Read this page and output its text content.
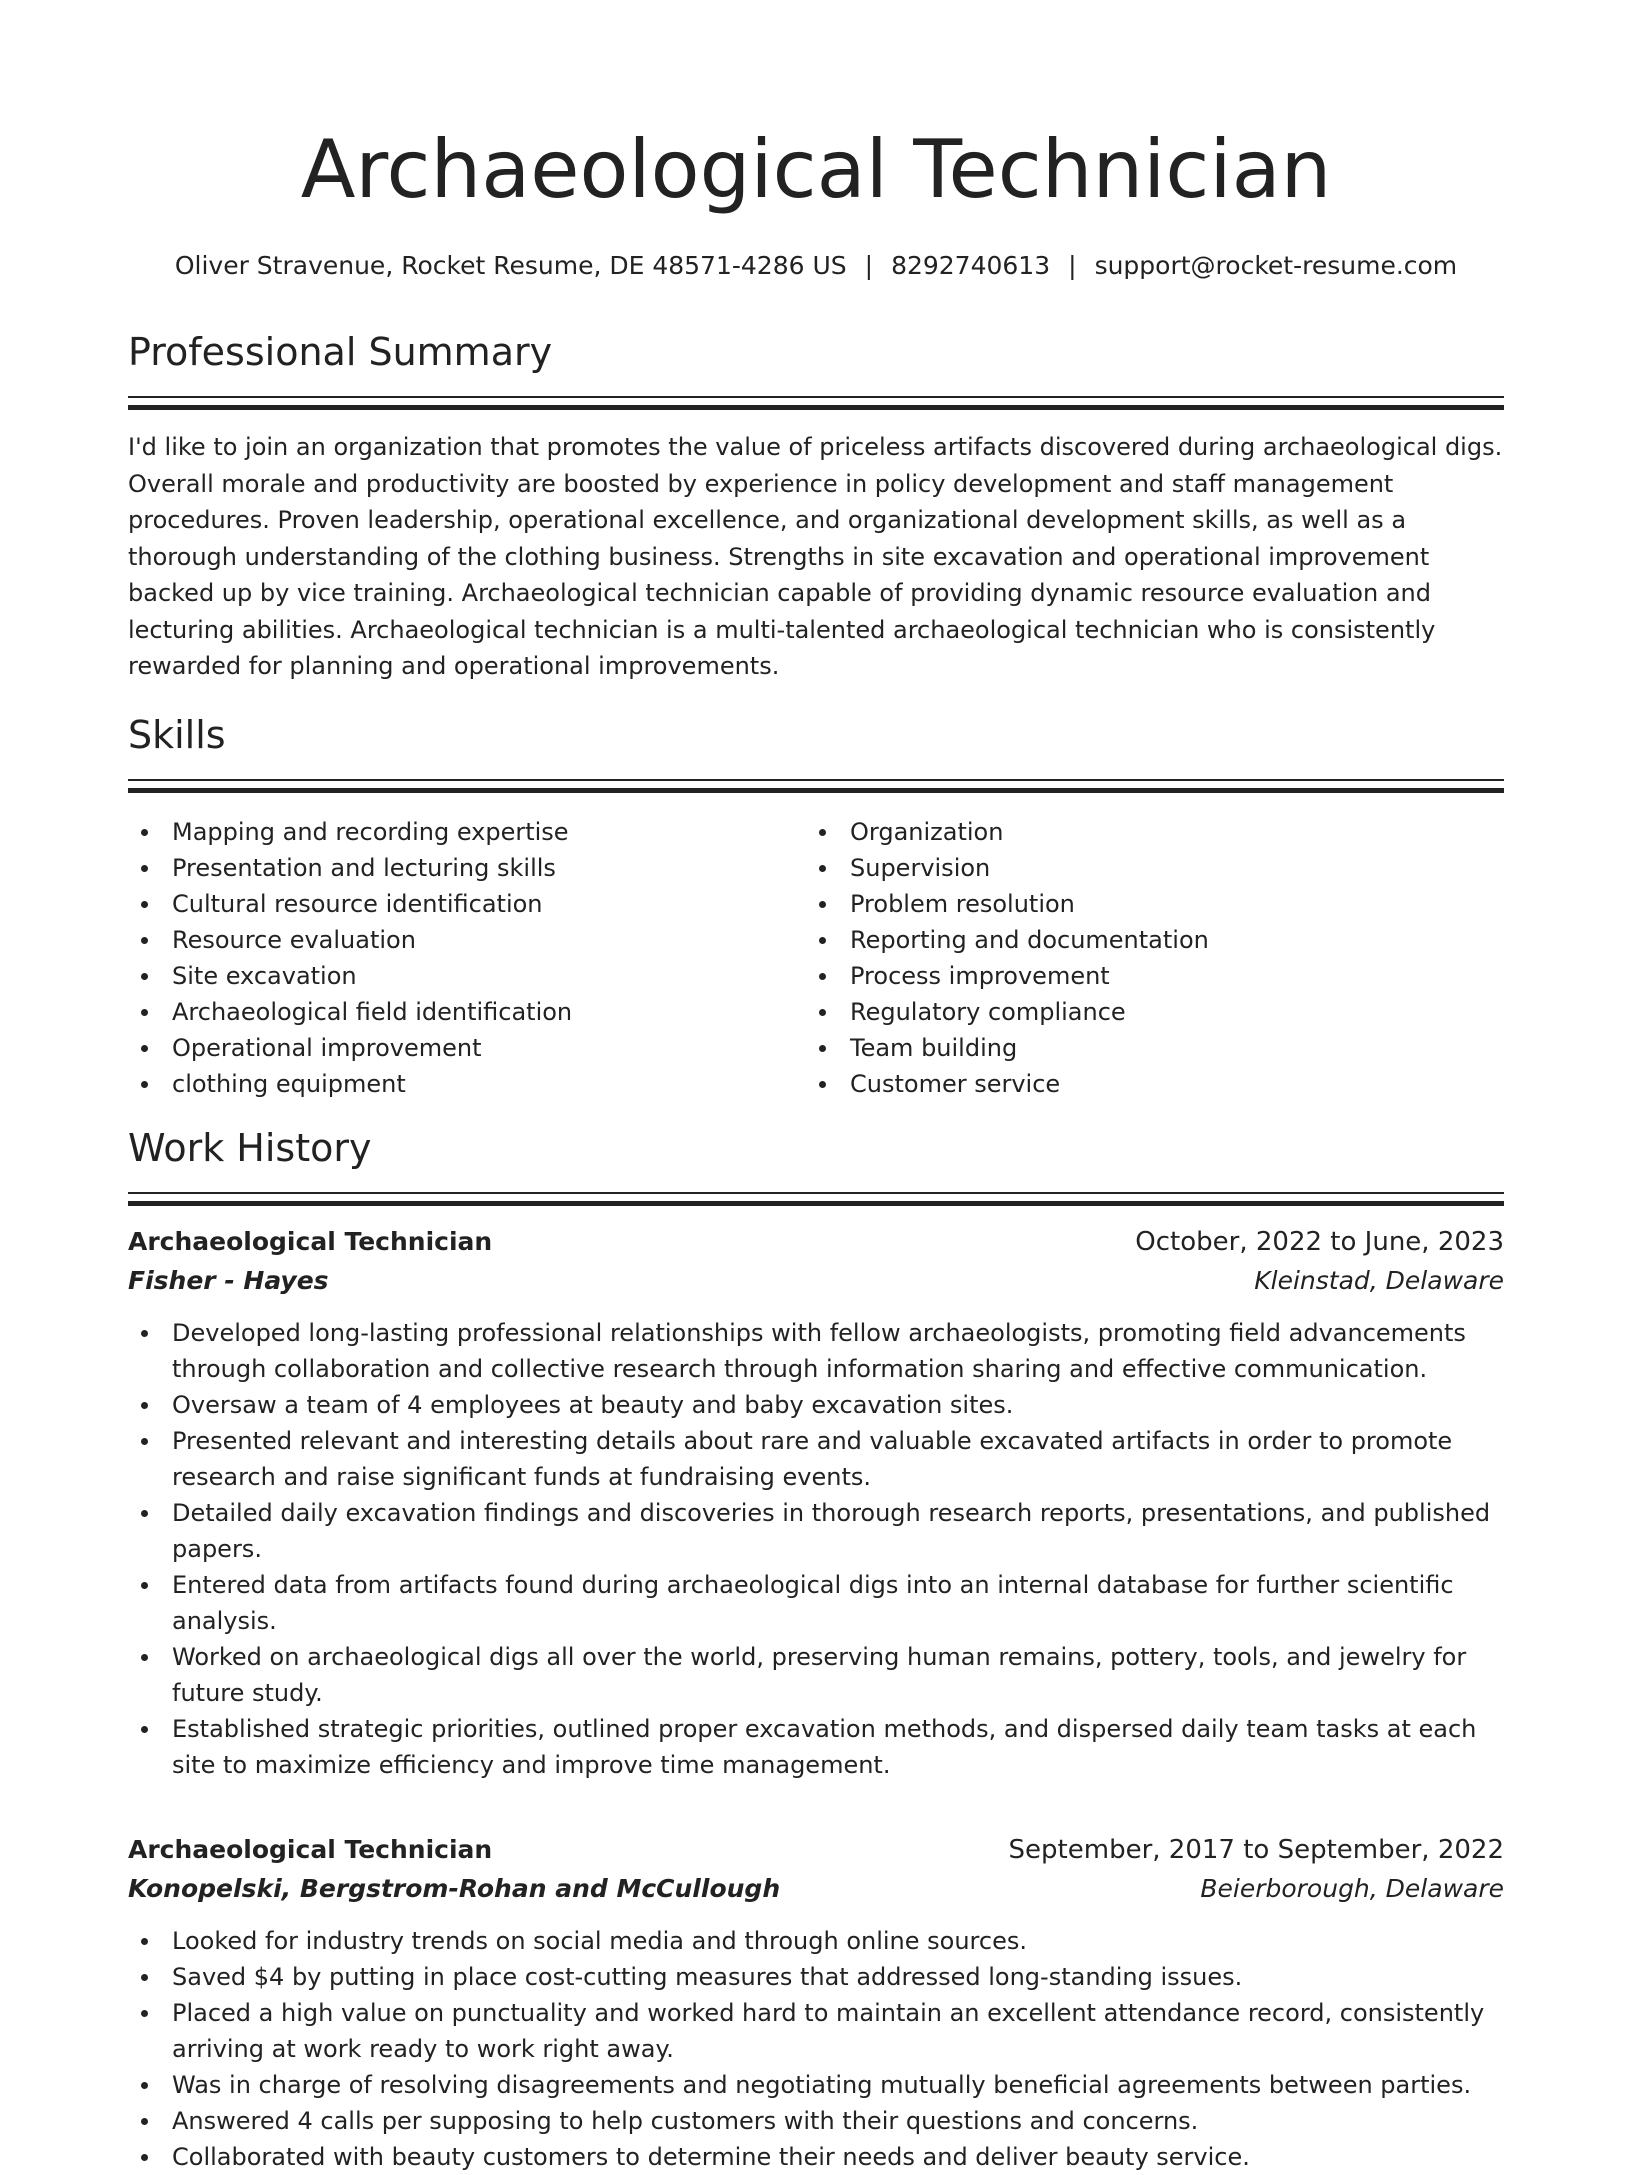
Archaeological Technician
Oliver Stravenue, Rocket Resume, DE 48571-4286 US | 8292740613 | support@rocket-resume.com
Professional Summary

I'd like to join an organization that promotes the value of priceless artifacts discovered during archaeological digs. Overall morale and productivity are boosted by experience in policy development and staff management procedures. Proven leadership, operational excellence, and organizational development skills, as well as a thorough understanding of the clothing business. Strengths in site excavation and operational improvement backed up by vice training. Archaeological technician capable of providing dynamic resource evaluation and lecturing abilities. Archaeological technician is a multi-talented archaeological technician who is consistently rewarded for planning and operational improvements.

Skills
Mapping and recording expertise
Presentation and lecturing skills
Cultural resource identification
Resource evaluation
Site excavation
Archaeological field identification
Operational improvement
clothing equipment
Organization
Supervision
Problem resolution
Reporting and documentation
Process improvement
Regulatory compliance
Team building
Customer service
Work History
Archaeological Technician	October, 2022 to June, 2023
Fisher - Hayes	Kleinstad, Delaware
Developed long-lasting professional relationships with fellow archaeologists, promoting field advancements through collaboration and collective research through information sharing and effective communication.
Oversaw a team of 4 employees at beauty and baby excavation sites.
Presented relevant and interesting details about rare and valuable excavated artifacts in order to promote research and raise significant funds at fundraising events.
Detailed daily excavation findings and discoveries in thorough research reports, presentations, and published papers.
Entered data from artifacts found during archaeological digs into an internal database for further scientific analysis.
Worked on archaeological digs all over the world, preserving human remains, pottery, tools, and jewelry for future study.
Established strategic priorities, outlined proper excavation methods, and dispersed daily team tasks at each site to maximize efficiency and improve time management.
Archaeological Technician	September, 2017 to September, 2022
Konopelski, Bergstrom-Rohan and McCullough	Beierborough, Delaware
Looked for industry trends on social media and through online sources.
Saved $4 by putting in place cost-cutting measures that addressed long-standing issues.
Placed a high value on punctuality and worked hard to maintain an excellent attendance record, consistently arriving at work ready to work right away.
Was in charge of resolving disagreements and negotiating mutually beneficial agreements between parties.
Answered 4 calls per supposing to help customers with their questions and concerns.
Collaborated with beauty customers to determine their needs and deliver beauty service.
